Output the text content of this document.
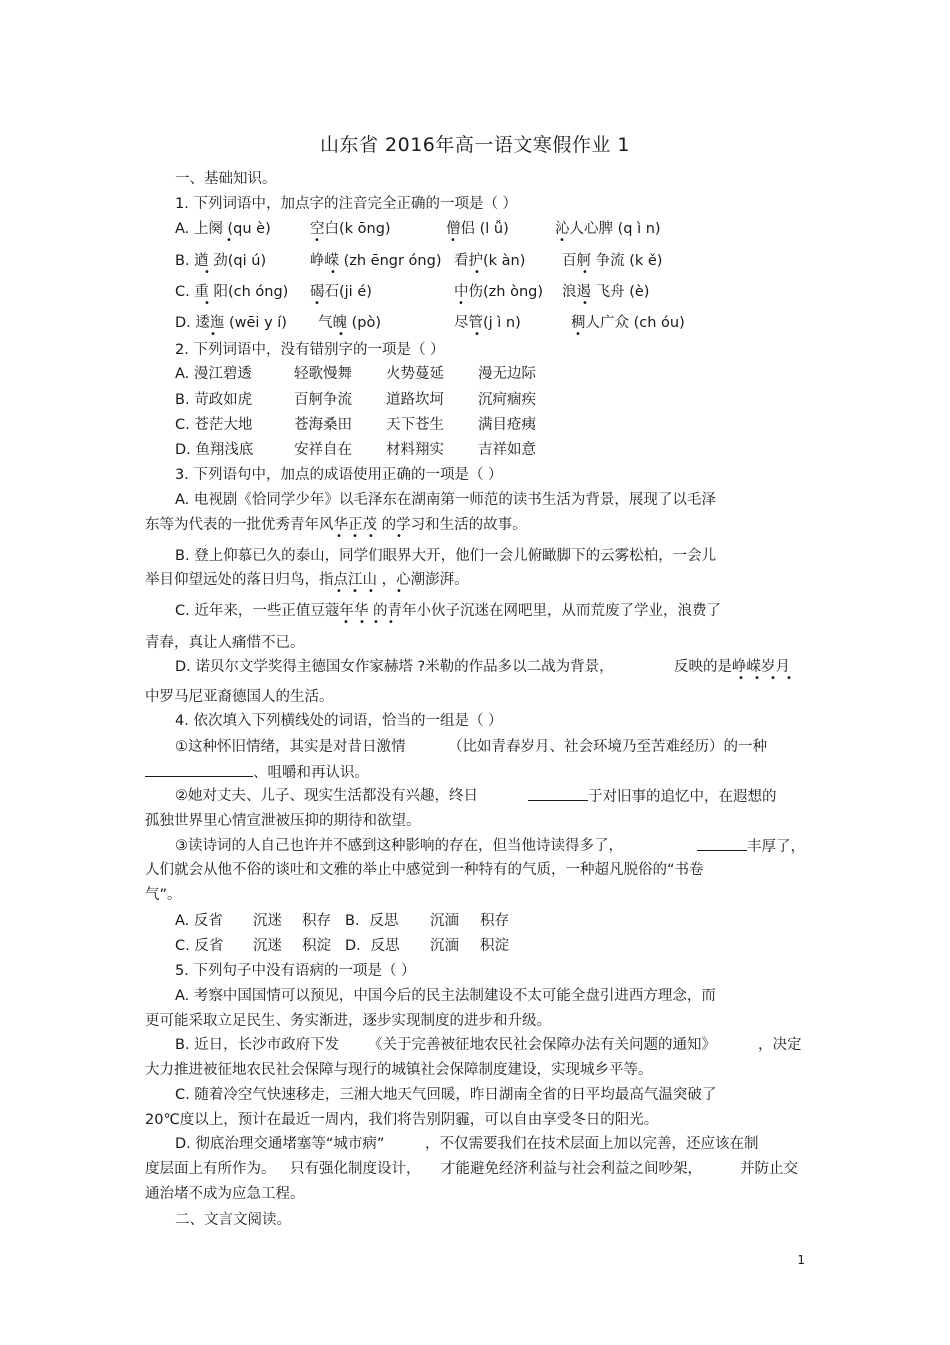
山东省 2016年高一语文寒假作业 1
一、基础知识。
1. 下列词语中，加点字的注音完全正确的一项是（ ）
A. 上阕 (qu è)	空白(k ōng)	僧侣 (l ǚ)	沁人心脾 (q ì n)
B. 遒 劲(qi ú)	峥嵘 (zh ēngr óng) 看护(k àn)	百舸 争流 (k ě)
C. 重 阳(ch óng) 碣石(ji é)	中伤(zh òng) 浪遏 飞舟 (è)
D. 逶迤 (wēi y í) 气魄 (pò)	尽管(j ì n)	稠人广众 (ch óu)
•	•	•	•
•	•	•	•
•	•	•	•
•	•	•	•
2. 下列词语中，没有错别字的一项是（ ）
A. 漫江碧透	轻歌慢舞 火势蔓延 漫无边际
B. 苛政如虎	百舸争流 道路坎坷 沉疴痼疾
C. 苍茫大地	苍海桑田 天下苍生 满目疮痍
D. 鱼翔浅底	安祥自在 材料翔实 吉祥如意
3. 下列语句中，加点的成语使用正确的一项是（ ）
A. 电视剧《恰同学少年》以毛泽东在湖南第一师范的读书生活为背景，展现了以毛泽
东等为代表的一批优秀青年风华正茂 的学习和生活的故事。
• • • •
B. 登上仰慕已久的泰山，同学们眼界大开，他们一会儿俯瞰脚下的云雾松柏，一会儿
举目仰望远处的落日归鸟，指点江山 ，心潮澎湃。
• • • •
C. 近年来，一些正值豆蔻年华 的青年小伙子沉迷在网吧里，从而荒废了学业，浪费了
• • • •
青春，真让人痛惜不已。
D. 诺贝尔文学奖得主德国女作家赫塔 ?米勒的作品多以二战为背景，	反映的是峥嵘岁月
• • • •
中罗马尼亚裔德国人的生活。
4. 依次填入下列横线处的词语，恰当的一组是（ ）
①这种怀旧情绪，其实是对昔日激情	（比如青春岁月、社会环境乃至苦难经历）的一种
、咀嚼和再认识。
②她对丈夫、儿子、现实生活都没有兴趣，终日	于对旧事的追忆中，在遐想的
孤独世界里心情宣泄被压抑的期待和欲望。
③读诗词的人自己也许并不感到这种影响的存在，但当他诗读得多了，	丰厚了，
人们就会从他不俗的谈吐和文雅的举止中感觉到一种特有的气质，一种超凡脱俗的“书卷
气”。
A. 反省 沉迷 积存 B．反思 沉湎 积存
C. 反省 沉迷 积淀 D．反思 沉湎 积淀
5. 下列句子中没有语病的一项是（ ）
A. 考察中国国情可以预见，中国今后的民主法制建设不太可能全盘引进西方理念，而
更可能采取立足民生、务实渐进，逐步实现制度的进步和升级。
B. 近日，长沙市政府下发 《关于完善被征地农民社会保障办法有关问题的通知》	，决定
大力推进被征地农民社会保障与现行的城镇社会保障制度建设，实现城乡平等。
C. 随着冷空气快速移走，三湘大地天气回暖，昨日湖南全省的日平均最高气温突破了
20℃度以上，预计在最近一周内，我们将告别阴霾，可以自由享受冬日的阳光。
D. 彻底治理交通堵塞等“城市病”	，不仅需要我们在技术层面上加以完善，还应该在制
度层面上有所作为。 只有强化制度设计， 才能避免经济利益与社会利益之间吵架，	并防止交
通治堵不成为应急工程。
二、文言文阅读。
1
